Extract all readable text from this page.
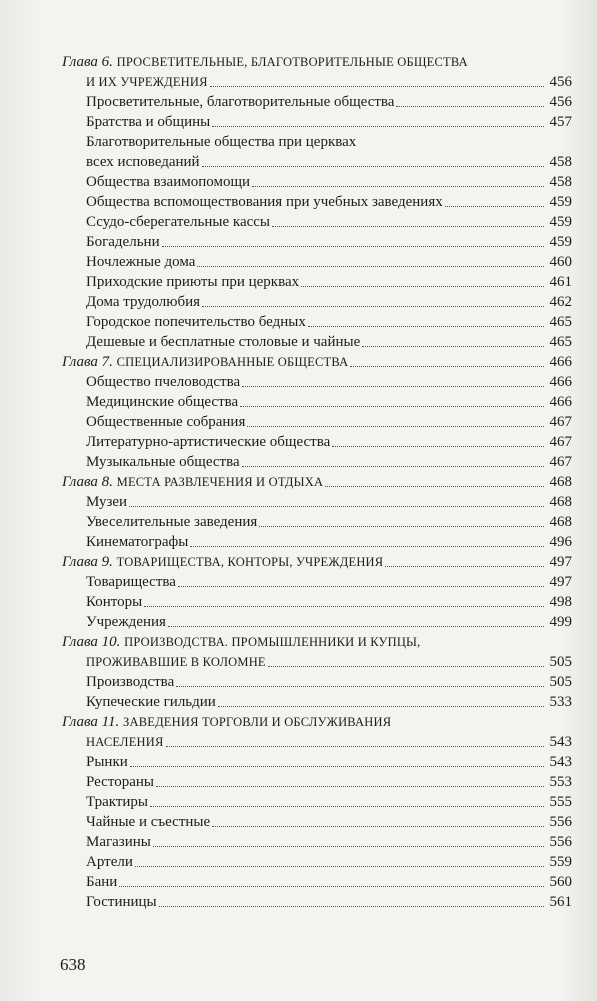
Глава 6. ПРОСВЕТИТЕЛЬНЫЕ, БЛАГОТВОРИТЕЛЬНЫЕ ОБЩЕСТВА
И ИХ УЧРЕЖДЕНИЯ	456
Просветительные, благотворительные общества	456
Братства и общины	457
Благотворительные общества при церквах
всех исповеданий	458
Общества взаимопомощи	458
Общества вспомоществования при учебных заведениях	459
Ссудо-сберегательные кассы	459
Богадельни	459
Ночлежные дома	460
Приходские приюты при церквах	461
Дома трудолюбия	462
Городское попечительство бедных	465
Дешевые и бесплатные столовые и чайные	465
Глава 7. СПЕЦИАЛИЗИРОВАННЫЕ ОБЩЕСТВА	466
Общество пчеловодства	466
Медицинские общества	466
Общественные собрания	467
Литературно-артистические общества	467
Музыкальные общества	467
Глава 8. МЕСТА РАЗВЛЕЧЕНИЯ И ОТДЫХА	468
Музеи	468
Увеселительные заведения	468
Кинематографы	496
Глава 9. ТОВАРИЩЕСТВА, КОНТОРЫ, УЧРЕЖДЕНИЯ	497
Товарищества	497
Конторы	498
Учреждения	499
Глава 10. ПРОИЗВОДСТВА. ПРОМЫШЛЕННИКИ И КУПЦЫ,
ПРОЖИВАВШИЕ В КОЛОМНЕ	505
Производства	505
Купеческие гильдии	533
Глава 11. ЗАВЕДЕНИЯ ТОРГОВЛИ И ОБСЛУЖИВАНИЯ
НАСЕЛЕНИЯ	543
Рынки	543
Рестораны	553
Трактиры	555
Чайные и съестные	556
Магазины	556
Артели	559
Бани	560
Гостиницы	561
638
